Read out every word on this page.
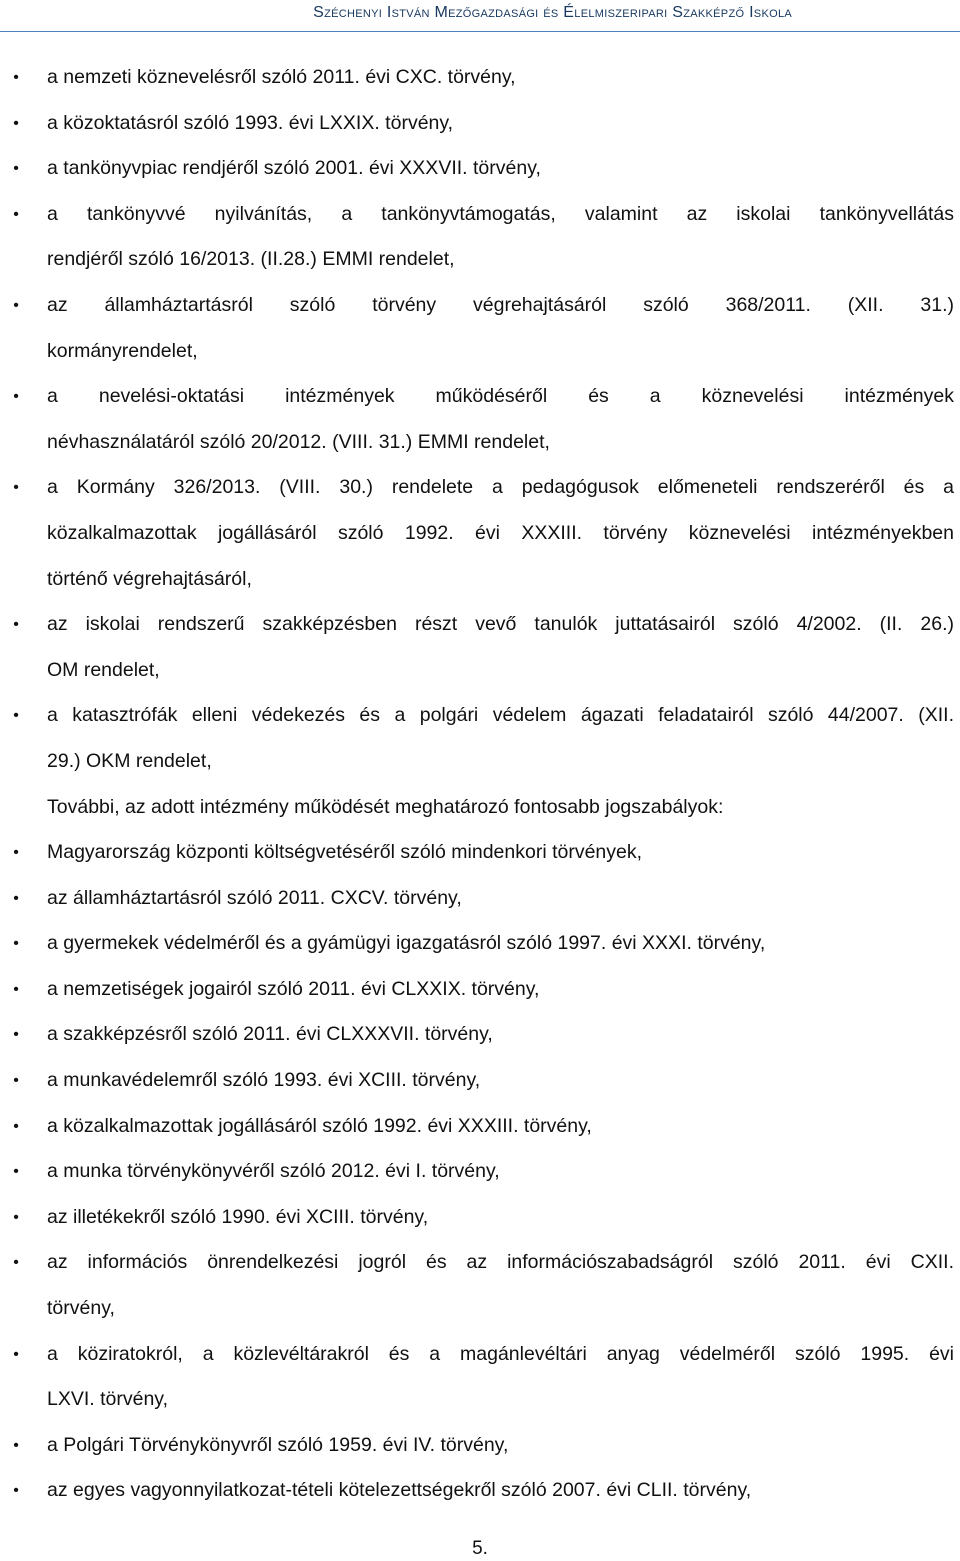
Széchenyi István Mezőgazdasági és Élelmiszeripari Szakképző Iskola
• a nemzeti köznevelésről szóló 2011. évi CXC. törvény,
• a közoktatásról szóló 1993. évi LXXIX. törvény,
• a tankönyvpiac rendjéről szóló 2001. évi XXXVII. törvény,
• a tankönyvvé nyilvánítás, a tankönyvtámogatás, valamint az iskolai tankönyvellátás
rendjéről szóló 16/2013. (II.28.) EMMI rendelet,
• az államháztartásról szóló törvény végrehajtásáról szóló 368/2011. (XII. 31.)
kormányrendelet,
• a nevelési-oktatási intézmények működéséről és a köznevelési intézmények
névhasználatáról szóló 20/2012. (VIII. 31.) EMMI rendelet,
• a Kormány 326/2013. (VIII. 30.) rendelete a pedagógusok előmeneteli rendszeréről és a
közalkalmazottak jogállásáról szóló 1992. évi XXXIII. törvény köznevelési intézményekben
történő végrehajtásáról,
• az iskolai rendszerű szakképzésben részt vevő tanulók juttatásairól szóló 4/2002. (II. 26.)
OM rendelet,
• a katasztrófák elleni védekezés és a polgári védelem ágazati feladatairól szóló 44/2007. (XII.
29.) OKM rendelet,
További, az adott intézmény működését meghatározó fontosabb jogszabályok:
• Magyarország központi költségvetéséről szóló mindenkori törvények,
• az államháztartásról szóló 2011. CXCV. törvény,
• a gyermekek védelméről és a gyámügyi igazgatásról szóló 1997. évi XXXI. törvény,
• a nemzetiségek jogairól szóló 2011. évi CLXXIX. törvény,
• a szakképzésről szóló 2011. évi CLXXXVII. törvény,
• a munkavédelemről szóló 1993. évi XCIII. törvény,
• a közalkalmazottak jogállásáról szóló 1992. évi XXXIII. törvény,
• a munka törvénykönyvéről szóló 2012. évi I. törvény,
• az illetékekről szóló 1990. évi XCIII. törvény,
• az információs önrendelkezési jogról és az információszabadságról szóló 2011. évi CXII.
törvény,
• a köziratokról, a közlevéltárakról és a magánlevéltári anyag védelméről szóló 1995. évi
LXVI. törvény,
• a Polgári Törvénykönyvről szóló 1959. évi IV. törvény,
• az egyes vagyonnyilatkozat-tételi kötelezettségekről szóló 2007. évi CLII. törvény,
5.
